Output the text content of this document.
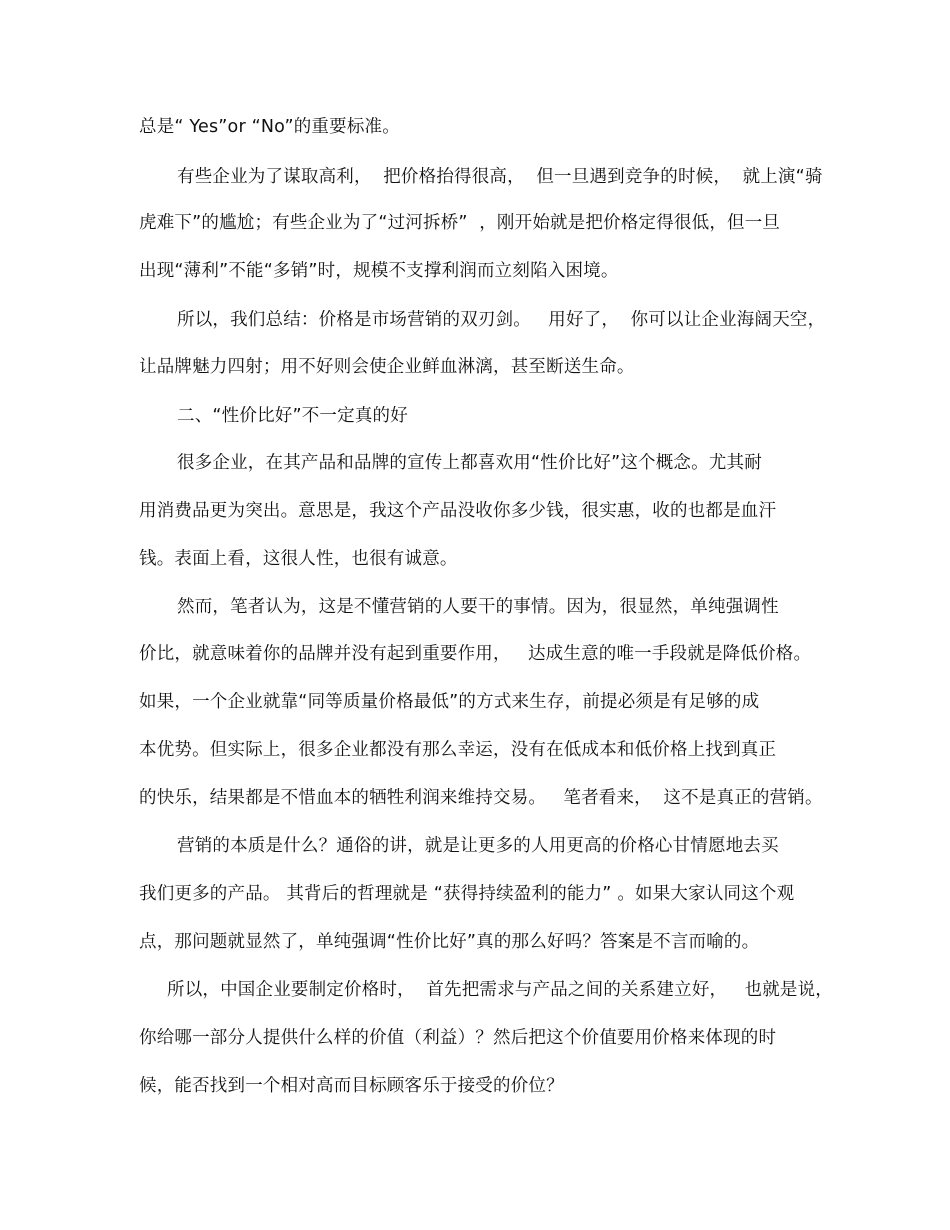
总是“ Yes”or “No”的重要标准。
有些企业为了谋取高利，  把价格抬得很高，  但一旦遇到竞争的时候，  就上演“骑
虎难下”的尴尬；有些企业为了“过河拆桥”  ，刚开始就是把价格定得很低，但一旦
出现“薄利”不能“多销”时，规模不支撑利润而立刻陷入困境。
所以，我们总结：价格是市场营销的双刃剑。   用好了，  你可以让企业海阔天空，
让品牌魅力四射；用不好则会使企业鲜血淋漓，甚至断送生命。
二、“性价比好”不一定真的好
很多企业，在其产品和品牌的宣传上都喜欢用“性价比好”这个概念。尤其耐
用消费品更为突出。意思是，我这个产品没收你多少钱，很实惠，收的也都是血汗
钱。表面上看，这很人性，也很有诚意。
然而，笔者认为，这是不懂营销的人要干的事情。因为，很显然，单纯强调性
价比，就意味着你的品牌并没有起到重要作用，   达成生意的唯一手段就是降低价格。
如果，一个企业就靠“同等质量价格最低”的方式来生存，前提必须是有足够的成
本优势。但实际上，很多企业都没有那么幸运，没有在低成本和低价格上找到真正
的快乐，结果都是不惜血本的牺牲利润来维持交易。   笔者看来，  这不是真正的营销。
营销的本质是什么？通俗的讲，就是让更多的人用更高的价格心甘情愿地去买
我们更多的产品。 其背后的哲理就是 “获得持续盈利的能力” 。如果大家认同这个观
点，那问题就显然了，单纯强调“性价比好”真的那么好吗？答案是不言而喻的。
所以，中国企业要制定价格时，  首先把需求与产品之间的关系建立好，   也就是说，
你给哪一部分人提供什么样的价值（利益）？然后把这个价值要用价格来体现的时
候，能否找到一个相对高而目标顾客乐于接受的价位？
